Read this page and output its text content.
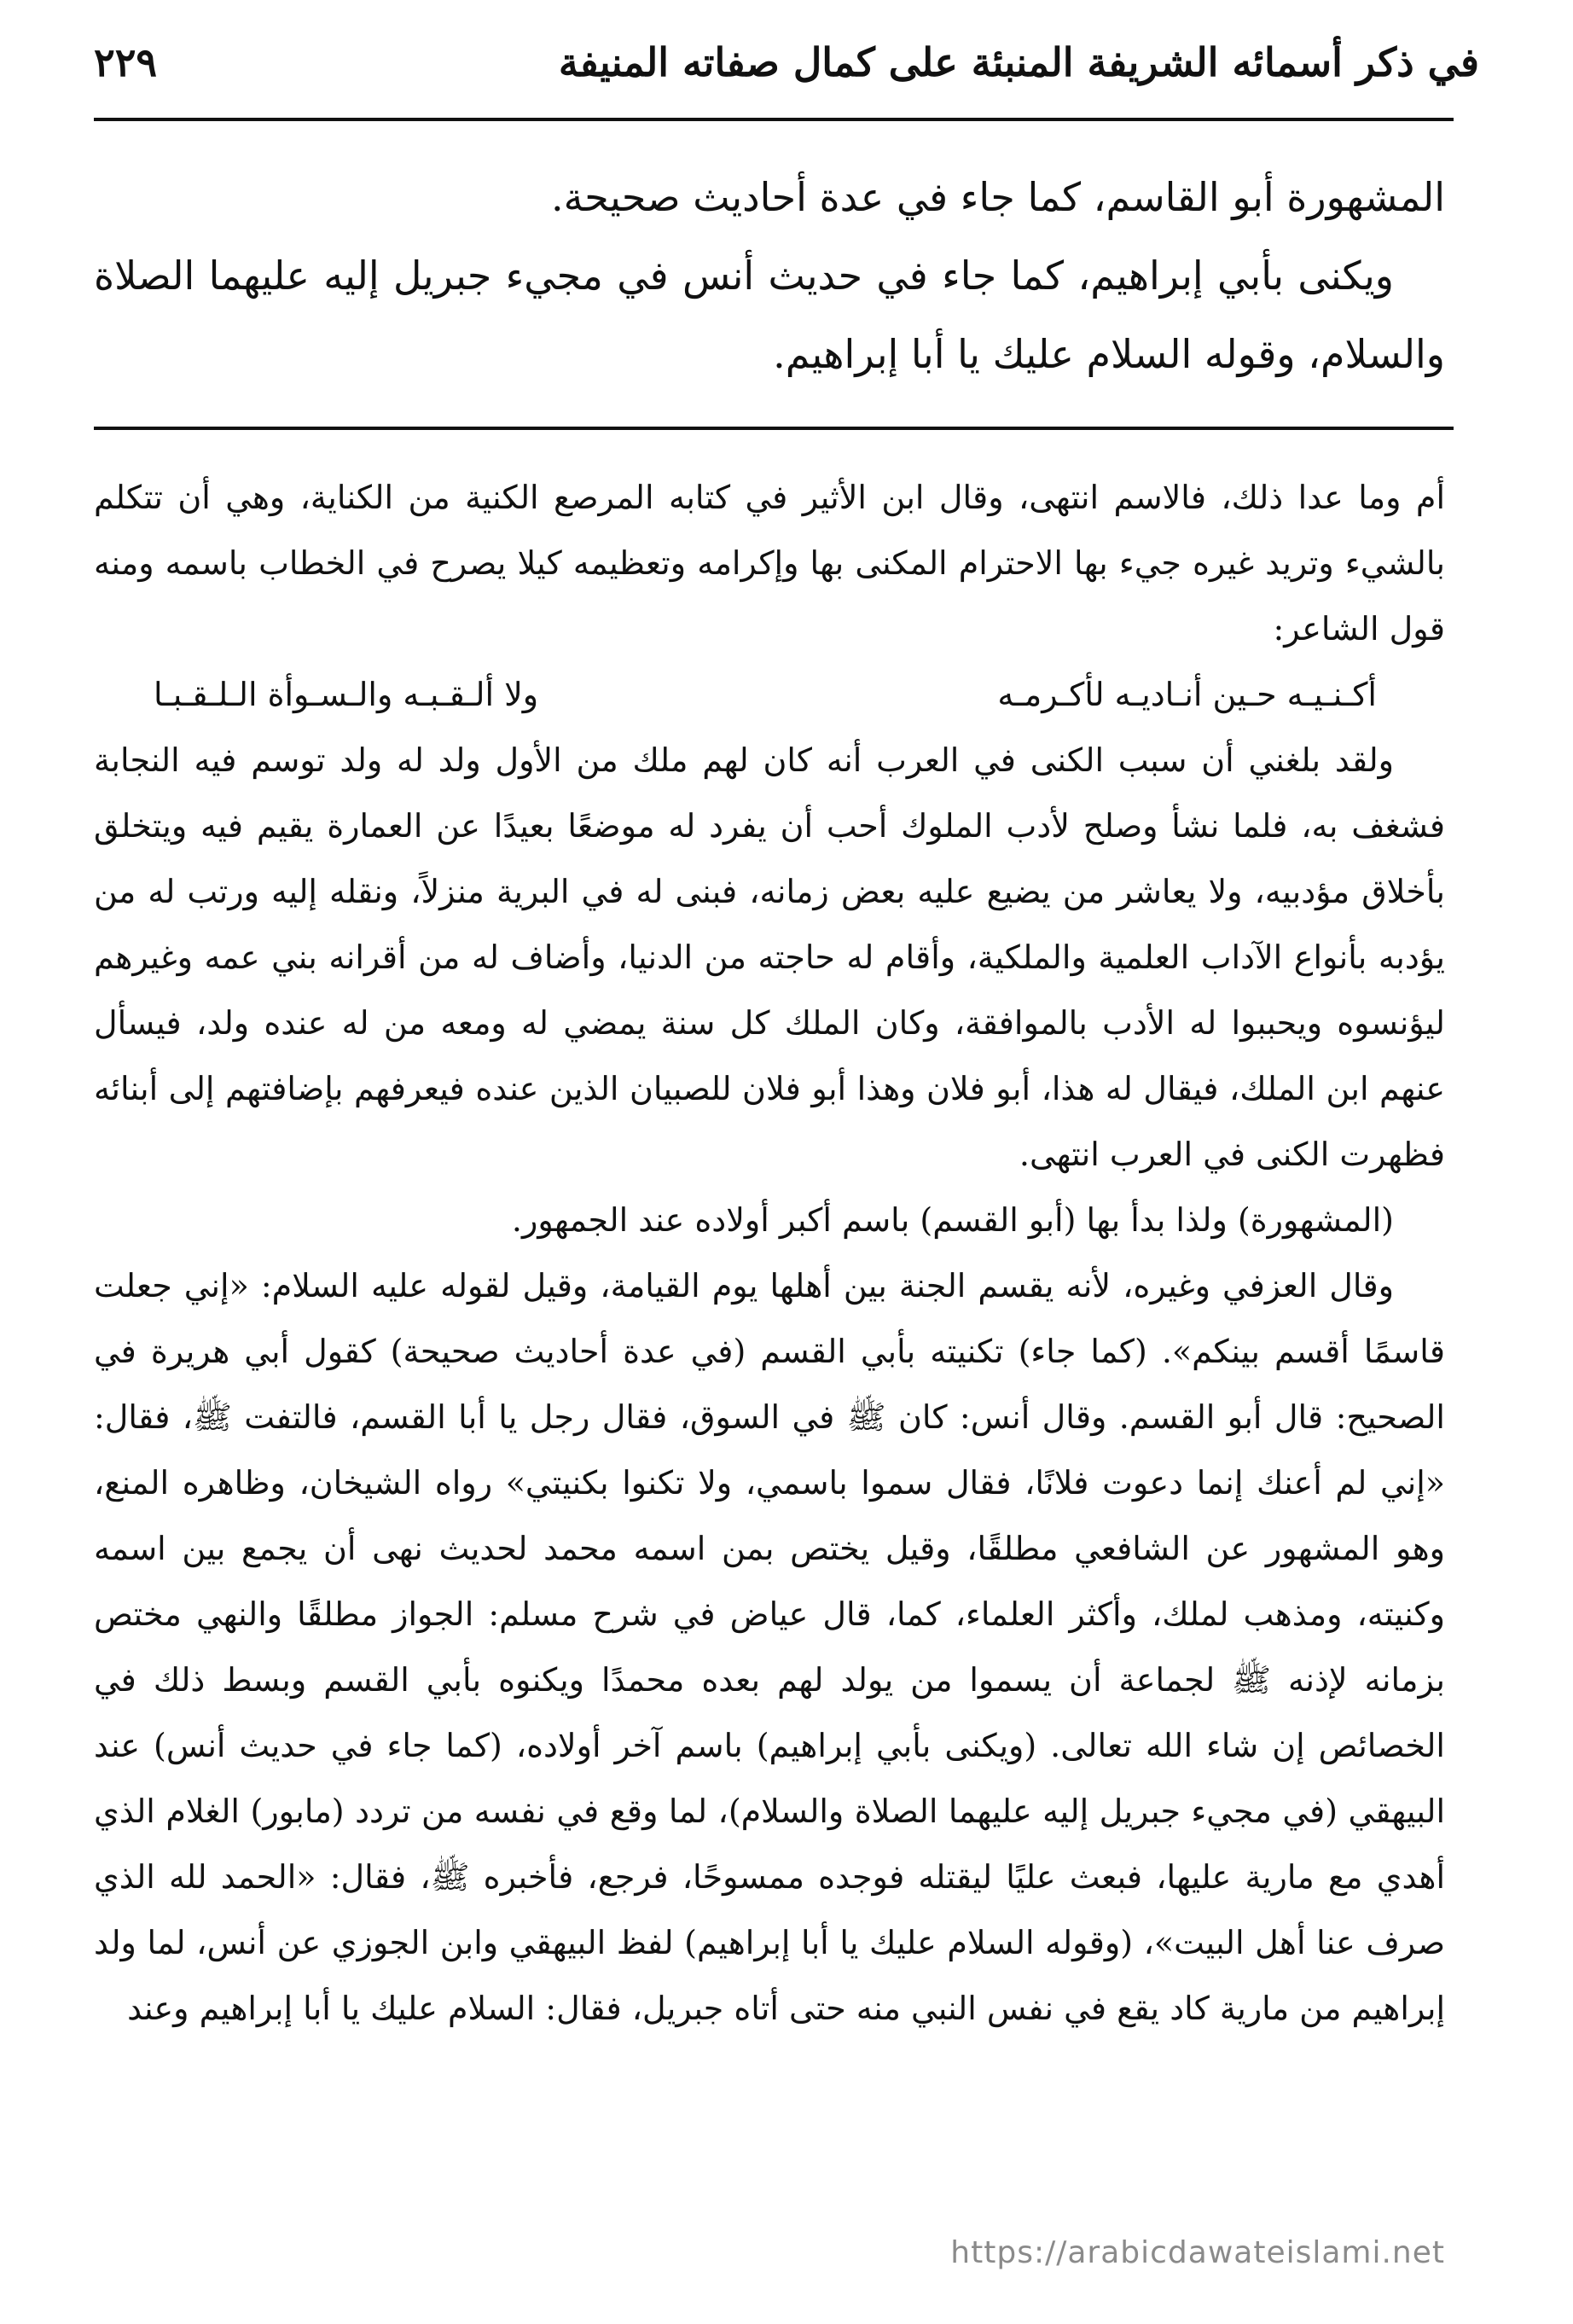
٢٢٩	في ذكر أسمائه الشريفة المنبئة على كمال صفاته المنيفة

المشهورة أبو القاسم، كما جاء في عدة أحاديث صحيحة.

ويكنى بأبي إبراهيم، كما جاء في حديث أنس في مجيء جبريل إليه عليهما الصلاة والسلام، وقوله السلام عليك يا أبا إبراهيم.

أم وما عدا ذلك، فالاسم انتهى، وقال ابن الأثير في كتابه المرصع الكنية من الكناية، وهي أن تتكلم بالشيء وتريد غيره جيء بها الاحترام المكنى بها وإكرامه وتعظيمه كيلا يصرح في الخطاب باسمه ومنه قول الشاعر:

أكـنـيـه حـين أنـاديـه لأكـرمـه
ولا ألـقـبـه والـسـوأة الـلـقـبـا

ولقد بلغني أن سبب الكنى في العرب أنه كان لهم ملك من الأول ولد له ولد توسم فيه النجابة فشغف به، فلما نشأ وصلح لأدب الملوك أحب أن يفرد له موضعًا بعيدًا عن العمارة يقيم فيه ويتخلق بأخلاق مؤدبيه، ولا يعاشر من يضيع عليه بعض زمانه، فبنى له في البرية منزلاً، ونقله إليه ورتب له من يؤدبه بأنواع الآداب العلمية والملكية، وأقام له حاجته من الدنيا، وأضاف له من أقرانه بني عمه وغيرهم ليؤنسوه ويحببوا له الأدب بالموافقة، وكان الملك كل سنة يمضي له ومعه من له عنده ولد، فيسأل عنهم ابن الملك، فيقال له هذا، أبو فلان وهذا أبو فلان للصبيان الذين عنده فيعرفهم بإضافتهم إلى أبنائه فظهرت الكنى في العرب انتهى.

(المشهورة) ولذا بدأ بها (أبو القسم) باسم أكبر أولاده عند الجمهور.

وقال العزفي وغيره، لأنه يقسم الجنة بين أهلها يوم القيامة، وقيل لقوله عليه السلام: «إني جعلت قاسمًا أقسم بينكم». (كما جاء) تكنيته بأبي القسم (في عدة أحاديث صحيحة) كقول أبي هريرة في الصحيح: قال أبو القسم. وقال أنس: كان ﷺ في السوق، فقال رجل يا أبا القسم، فالتفت ﷺ، فقال: «إني لم أعنك إنما دعوت فلانًا، فقال سموا باسمي، ولا تكنوا بكنيتي» رواه الشيخان، وظاهره المنع، وهو المشهور عن الشافعي مطلقًا، وقيل يختص بمن اسمه محمد لحديث نهى أن يجمع بين اسمه وكنيته، ومذهب لملك، وأكثر العلماء، كما، قال عياض في شرح مسلم: الجواز مطلقًا والنهي مختص بزمانه لإذنه ﷺ لجماعة أن يسموا من يولد لهم بعده محمدًا ويكنوه بأبي القسم وبسط ذلك في الخصائص إن شاء الله تعالى. (ويكنى بأبي إبراهيم) باسم آخر أولاده، (كما جاء في حديث أنس) عند البيهقي (في مجيء جبريل إليه عليهما الصلاة والسلام)، لما وقع في نفسه من تردد (مابور) الغلام الذي أهدي مع مارية عليها، فبعث عليًا ليقتله فوجده ممسوحًا، فرجع، فأخبره ﷺ، فقال: «الحمد لله الذي صرف عنا أهل البيت»، (وقوله السلام عليك يا أبا إبراهيم) لفظ البيهقي وابن الجوزي عن أنس، لما ولد إبراهيم من مارية كاد يقع في نفس النبي منه حتى أتاه جبريل، فقال: السلام عليك يا أبا إبراهيم وعند

https://arabicdawateislami.net
